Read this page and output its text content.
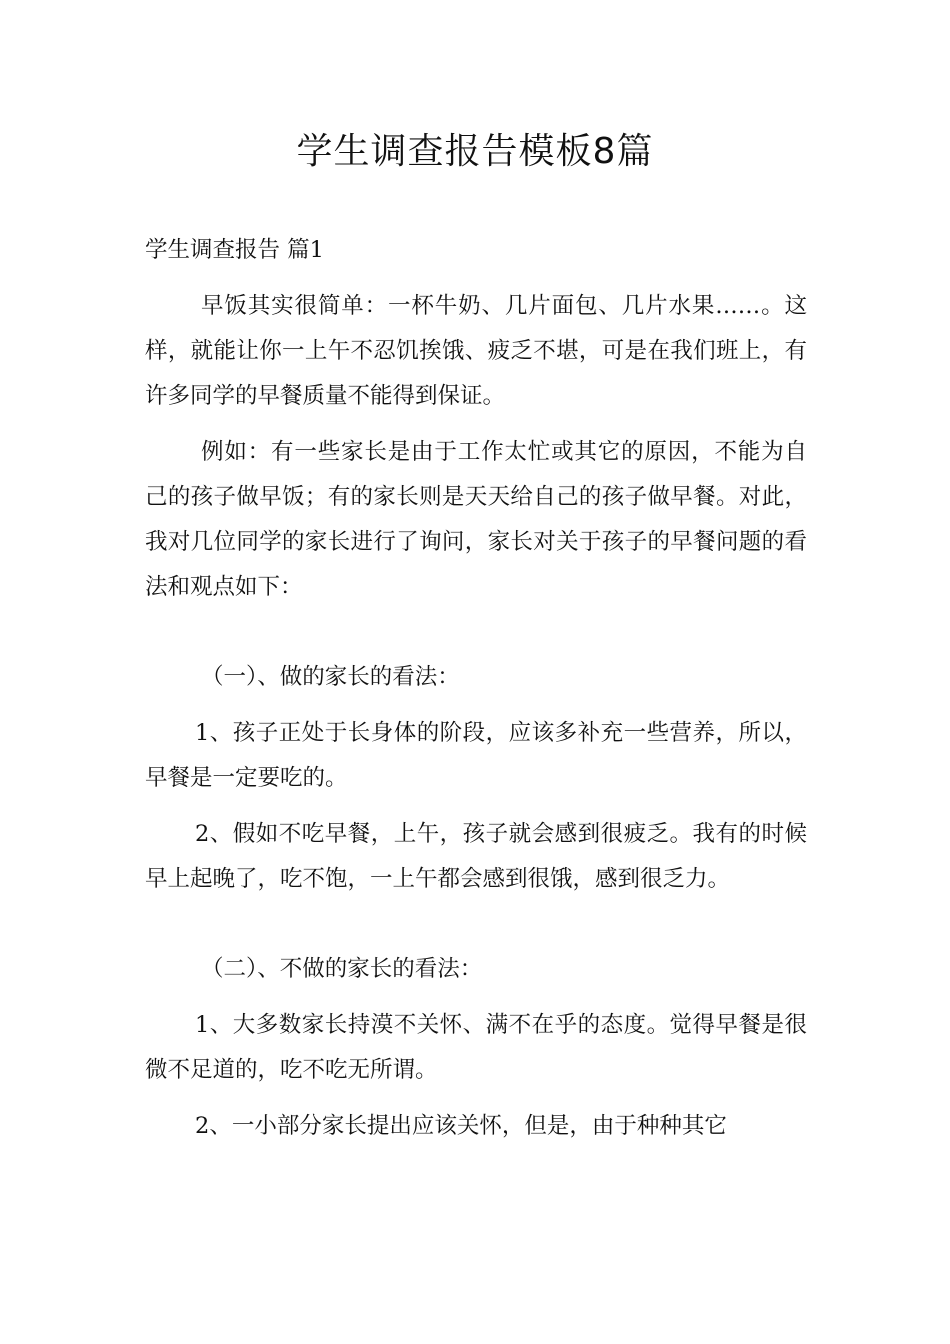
学生调查报告模板8篇

学生调查报告 篇1

早饭其实很简单：一杯牛奶、几片面包、几片水果……。这样，就能让你一上午不忍饥挨饿、疲乏不堪，可是在我们班上，有许多同学的早餐质量不能得到保证。

例如：有一些家长是由于工作太忙或其它的原因，不能为自己的孩子做早饭；有的家长则是天天给自己的孩子做早餐。对此，我对几位同学的家长进行了询问，家长对关于孩子的早餐问题的看法和观点如下：

（一）、做的家长的看法：

1、孩子正处于长身体的阶段，应该多补充一些营养，所以，早餐是一定要吃的。

2、假如不吃早餐，上午，孩子就会感到很疲乏。我有的时候早上起晚了，吃不饱，一上午都会感到很饿，感到很乏力。

（二）、不做的家长的看法：

1、大多数家长持漠不关怀、满不在乎的态度。觉得早餐是很微不足道的，吃不吃无所谓。

2、一小部分家长提出应该关怀，但是，由于种种其它
